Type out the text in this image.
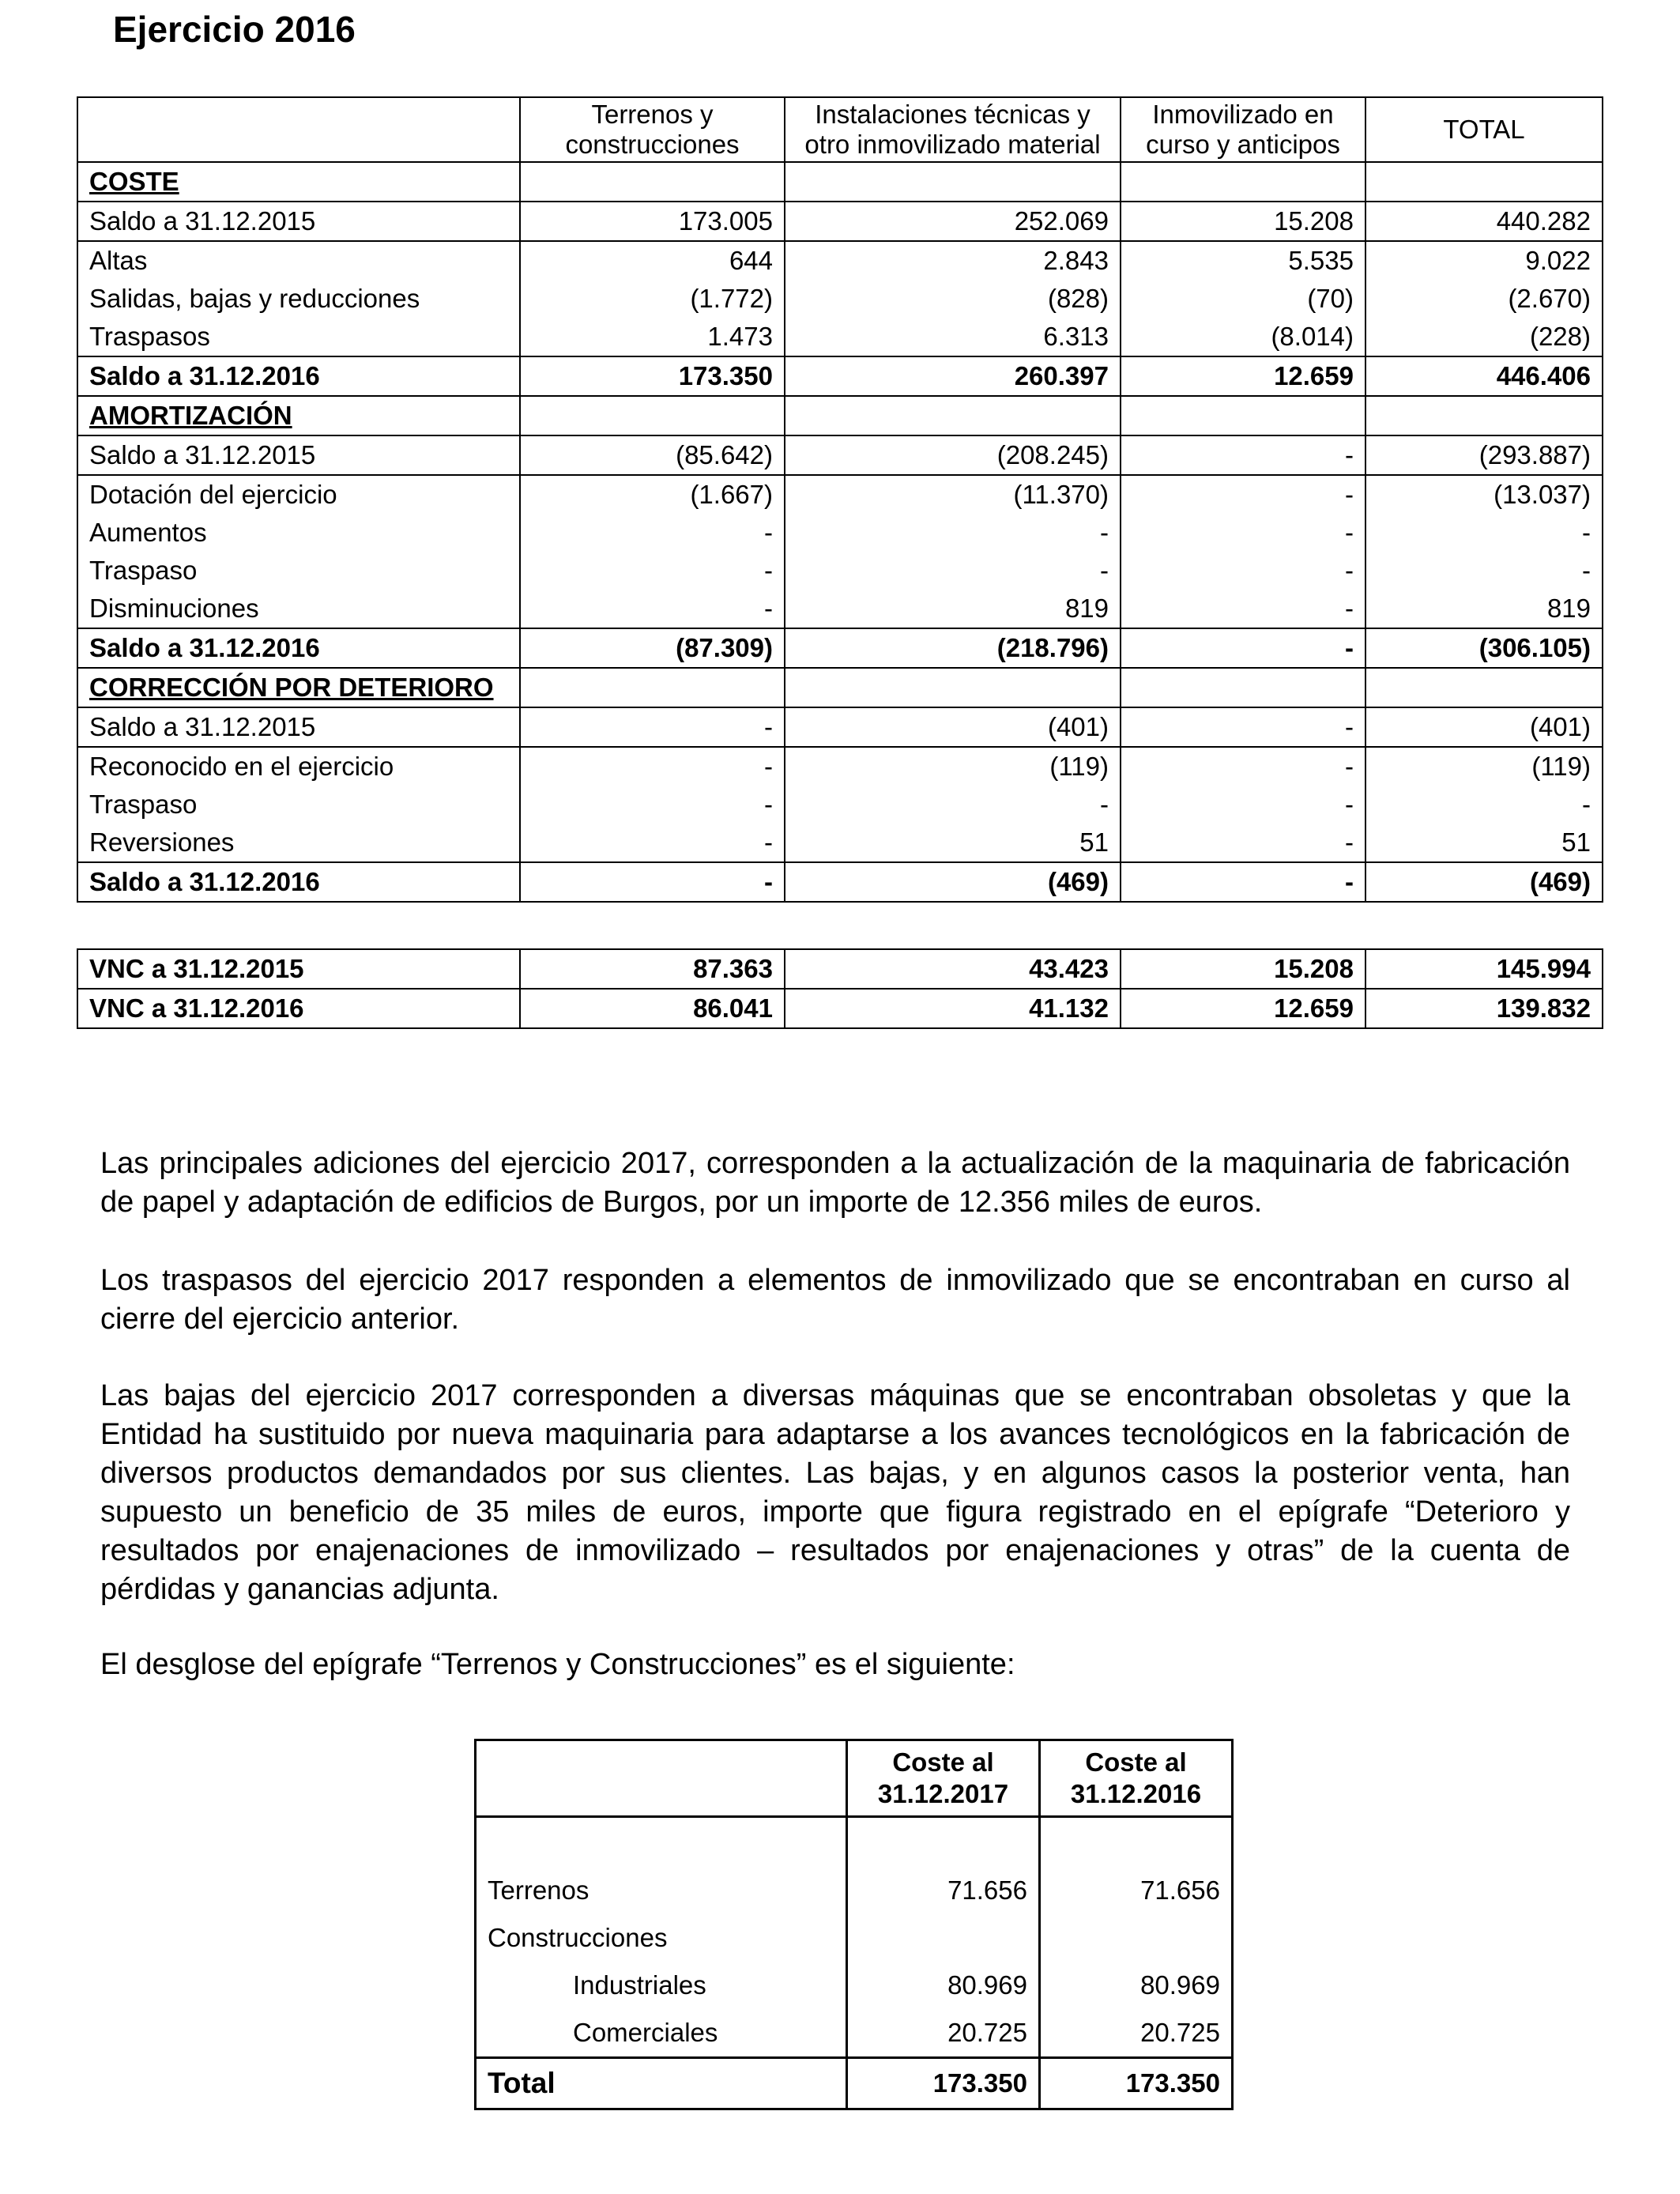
Ejercicio 2016
	Terrenos y construcciones	Instalaciones técnicas y otro inmovilizado material	Inmovilizado en curso y anticipos	TOTAL
COSTE				
Saldo a 31.12.2015	173.005	252.069	15.208	440.282
Altas	644	2.843	5.535	9.022
Salidas, bajas y reducciones	(1.772)	(828)	(70)	(2.670)
Traspasos	1.473	6.313	(8.014)	(228)
Saldo a 31.12.2016	173.350	260.397	12.659	446.406
AMORTIZACIÓN				
Saldo a 31.12.2015	(85.642)	(208.245)	-	(293.887)
Dotación del ejercicio	(1.667)	(11.370)	-	(13.037)
Aumentos	-	-	-	-
Traspaso	-	-	-	-
Disminuciones	-	819	-	819
Saldo a 31.12.2016	(87.309)	(218.796)	-	(306.105)
CORRECCIÓN POR DETERIORO				
Saldo a 31.12.2015	-	(401)	-	(401)
Reconocido en el ejercicio	-	(119)	-	(119)
Traspaso	-	-	-	-
Reversiones	-	51	-	51
Saldo a 31.12.2016	-	(469)	-	(469)
VNC a 31.12.2015	87.363	43.423	15.208	145.994
VNC a 31.12.2016	86.041	41.132	12.659	139.832

Las principales adiciones del ejercicio 2017, corresponden a la actualización de la maquinaria de fabricación de papel y adaptación de edificios de Burgos, por un importe de 12.356 miles de euros.

Los traspasos del ejercicio 2017 responden a elementos de inmovilizado que se encontraban en curso al cierre del ejercicio anterior.

Las bajas del ejercicio 2017 corresponden a diversas máquinas que se encontraban obsoletas y que la Entidad ha sustituido por nueva maquinaria para adaptarse a los avances tecnológicos en la fabricación de diversos productos demandados por sus clientes. Las bajas, y en algunos casos la posterior venta, han supuesto un beneficio de 35 miles de euros, importe que figura registrado en el epígrafe “Deterioro y resultados por enajenaciones de inmovilizado – resultados por enajenaciones y otras” de la cuenta de pérdidas y ganancias adjunta.

El desglose del epígrafe “Terrenos y Construcciones” es el siguiente:

	Coste al 31.12.2017	Coste al 31.12.2016

Terrenos	71.656	71.656
Construcciones		
Industriales	80.969	80.969
Comerciales	20.725	20.725
Total	173.350	173.350
